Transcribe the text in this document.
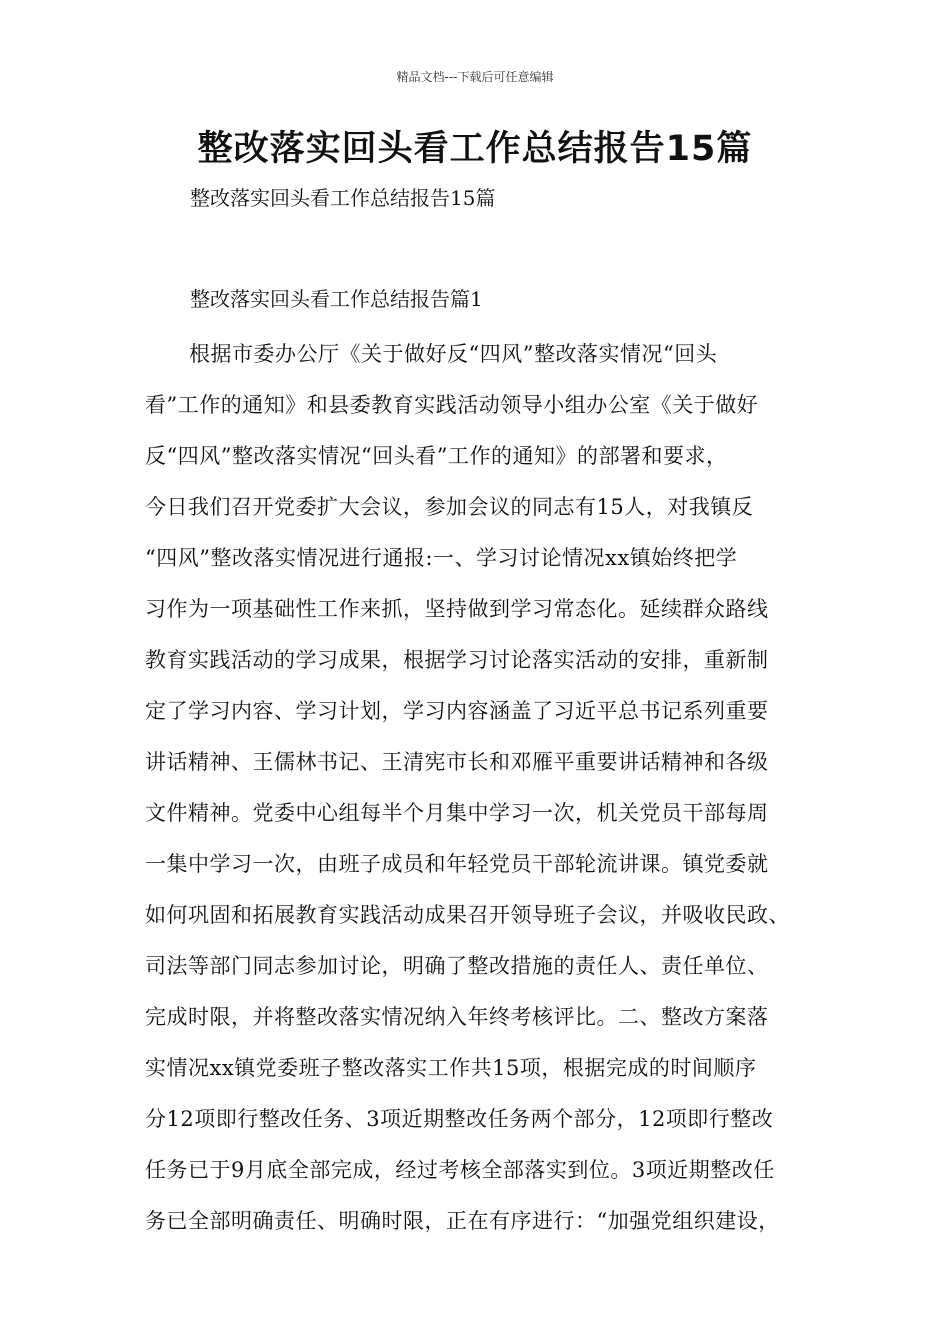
精品文档---下载后可任意编辑
整改落实回头看工作总结报告15篇

整改落实回头看工作总结报告15篇

整改落实回头看工作总结报告篇1

根据市委办公厅《关于做好反“四风”整改落实情况“回头
看”工作的通知》和县委教育实践活动领导小组办公室《关于做好
反“四风”整改落实情况“回头看”工作的通知》的部署和要求，
今日我们召开党委扩大会议，参加会议的同志有15人，对我镇反
“四风”整改落实情况进行通报:一、学习讨论情况xx镇始终把学
习作为一项基础性工作来抓，坚持做到学习常态化。延续群众路线
教育实践活动的学习成果，根据学习讨论落实活动的安排，重新制
定了学习内容、学习计划，学习内容涵盖了习近平总书记系列重要
讲话精神、王儒林书记、王清宪市长和邓雁平重要讲话精神和各级
文件精神。党委中心组每半个月集中学习一次，机关党员干部每周
一集中学习一次，由班子成员和年轻党员干部轮流讲课。镇党委就
如何巩固和拓展教育实践活动成果召开领导班子会议，并吸收民政、
司法等部门同志参加讨论，明确了整改措施的责任人、责任单位、
完成时限，并将整改落实情况纳入年终考核评比。二、整改方案落
实情况xx镇党委班子整改落实工作共15项，根据完成的时间顺序
分12项即行整改任务、3项近期整改任务两个部分，12项即行整改
任务已于9月底全部完成，经过考核全部落实到位。3项近期整改任
务已全部明确责任、明确时限，正在有序进行：“加强党组织建设，
